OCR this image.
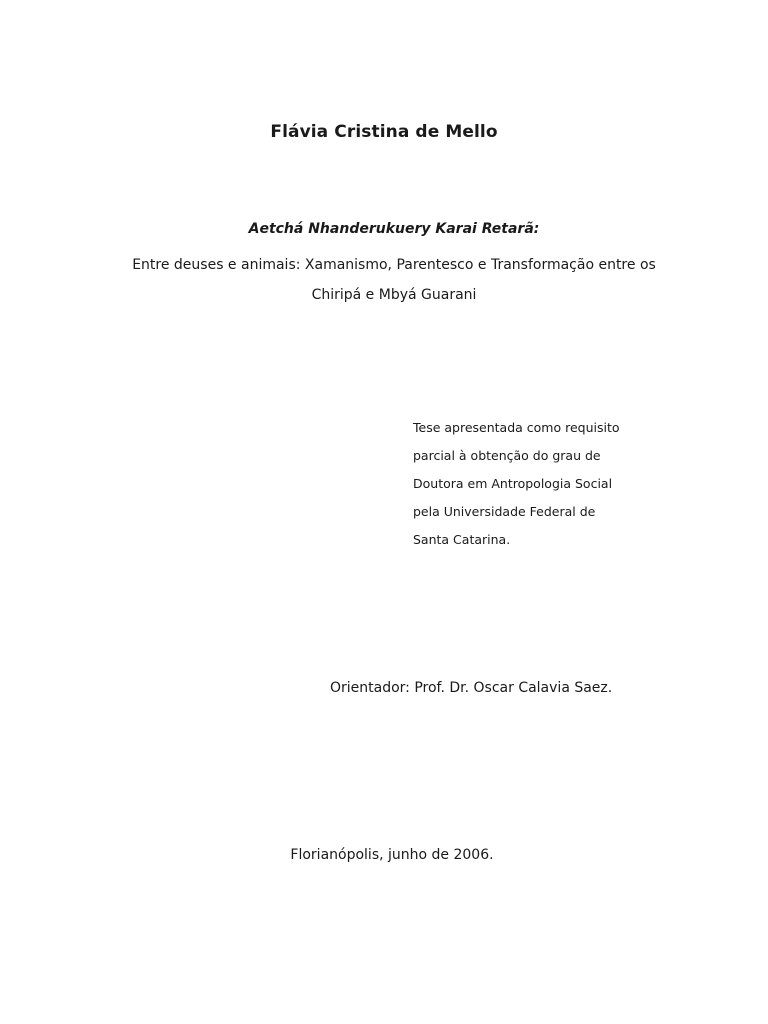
Flávia Cristina de Mello
Aetchá Nhanderukuery Karai Retarã:
Entre deuses e animais: Xamanismo, Parentesco e Transformação entre os
Chiripá e Mbyá Guarani
Tese apresentada como requisito
parcial à obtenção do grau de
Doutora em Antropologia Social
pela Universidade Federal de
Santa Catarina.
Orientador: Prof. Dr. Oscar Calavia Saez.
Florianópolis, junho de 2006.
